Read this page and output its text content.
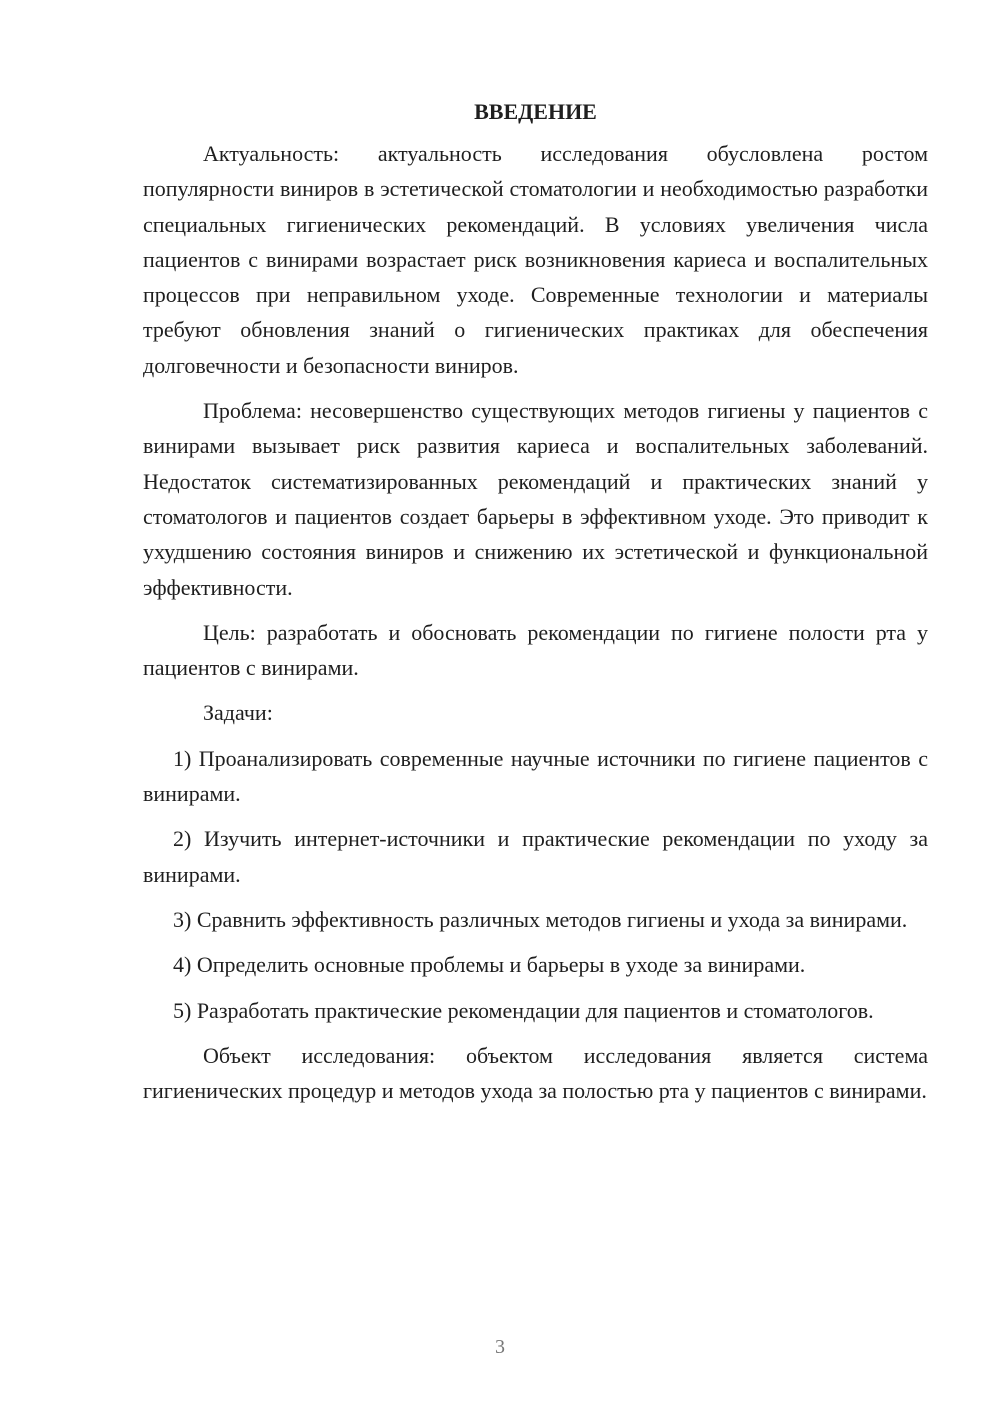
ВВЕДЕНИЕ

Актуальность: актуальность исследования обусловлена ростом популярности виниров в эстетической стоматологии и необходимостью разработки специальных гигиенических рекомендаций. В условиях увеличения числа пациентов с винирами возрастает риск возникновения кариеса и воспалительных процессов при неправильном уходе. Современные технологии и материалы требуют обновления знаний о гигиенических практиках для обеспечения долговечности и безопасности виниров.

Проблема: несовершенство существующих методов гигиены у пациентов с винирами вызывает риск развития кариеса и воспалительных заболеваний. Недостаток систематизированных рекомендаций и практических знаний у стоматологов и пациентов создает барьеры в эффективном уходе. Это приводит к ухудшению состояния виниров и снижению их эстетической и функциональной эффективности.

Цель: разработать и обосновать рекомендации по гигиене полости рта у пациентов с винирами.

Задачи:

1) Проанализировать современные научные источники по гигиене пациентов с винирами.

2) Изучить интернет-источники и практические рекомендации по уходу за винирами.

3) Сравнить эффективность различных методов гигиены и ухода за винирами.

4) Определить основные проблемы и барьеры в уходе за винирами.

5) Разработать практические рекомендации для пациентов и стоматологов.

Объект исследования: объектом исследования является система гигиенических процедур и методов ухода за полостью рта у пациентов с винирами.

3
